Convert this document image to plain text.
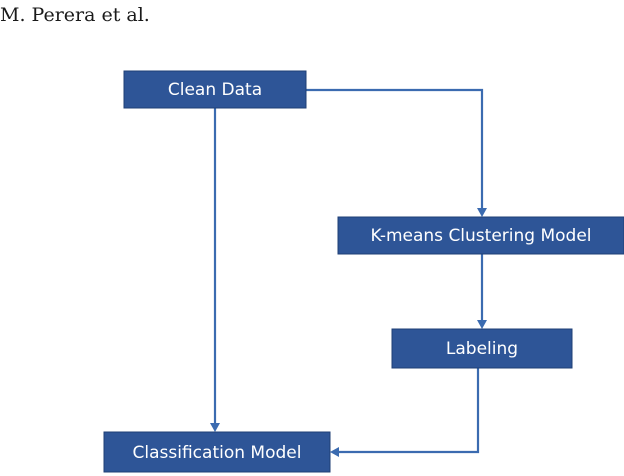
M. Perera et al.
Clean Data
K-means Clustering Model
Labeling
Classification Model
